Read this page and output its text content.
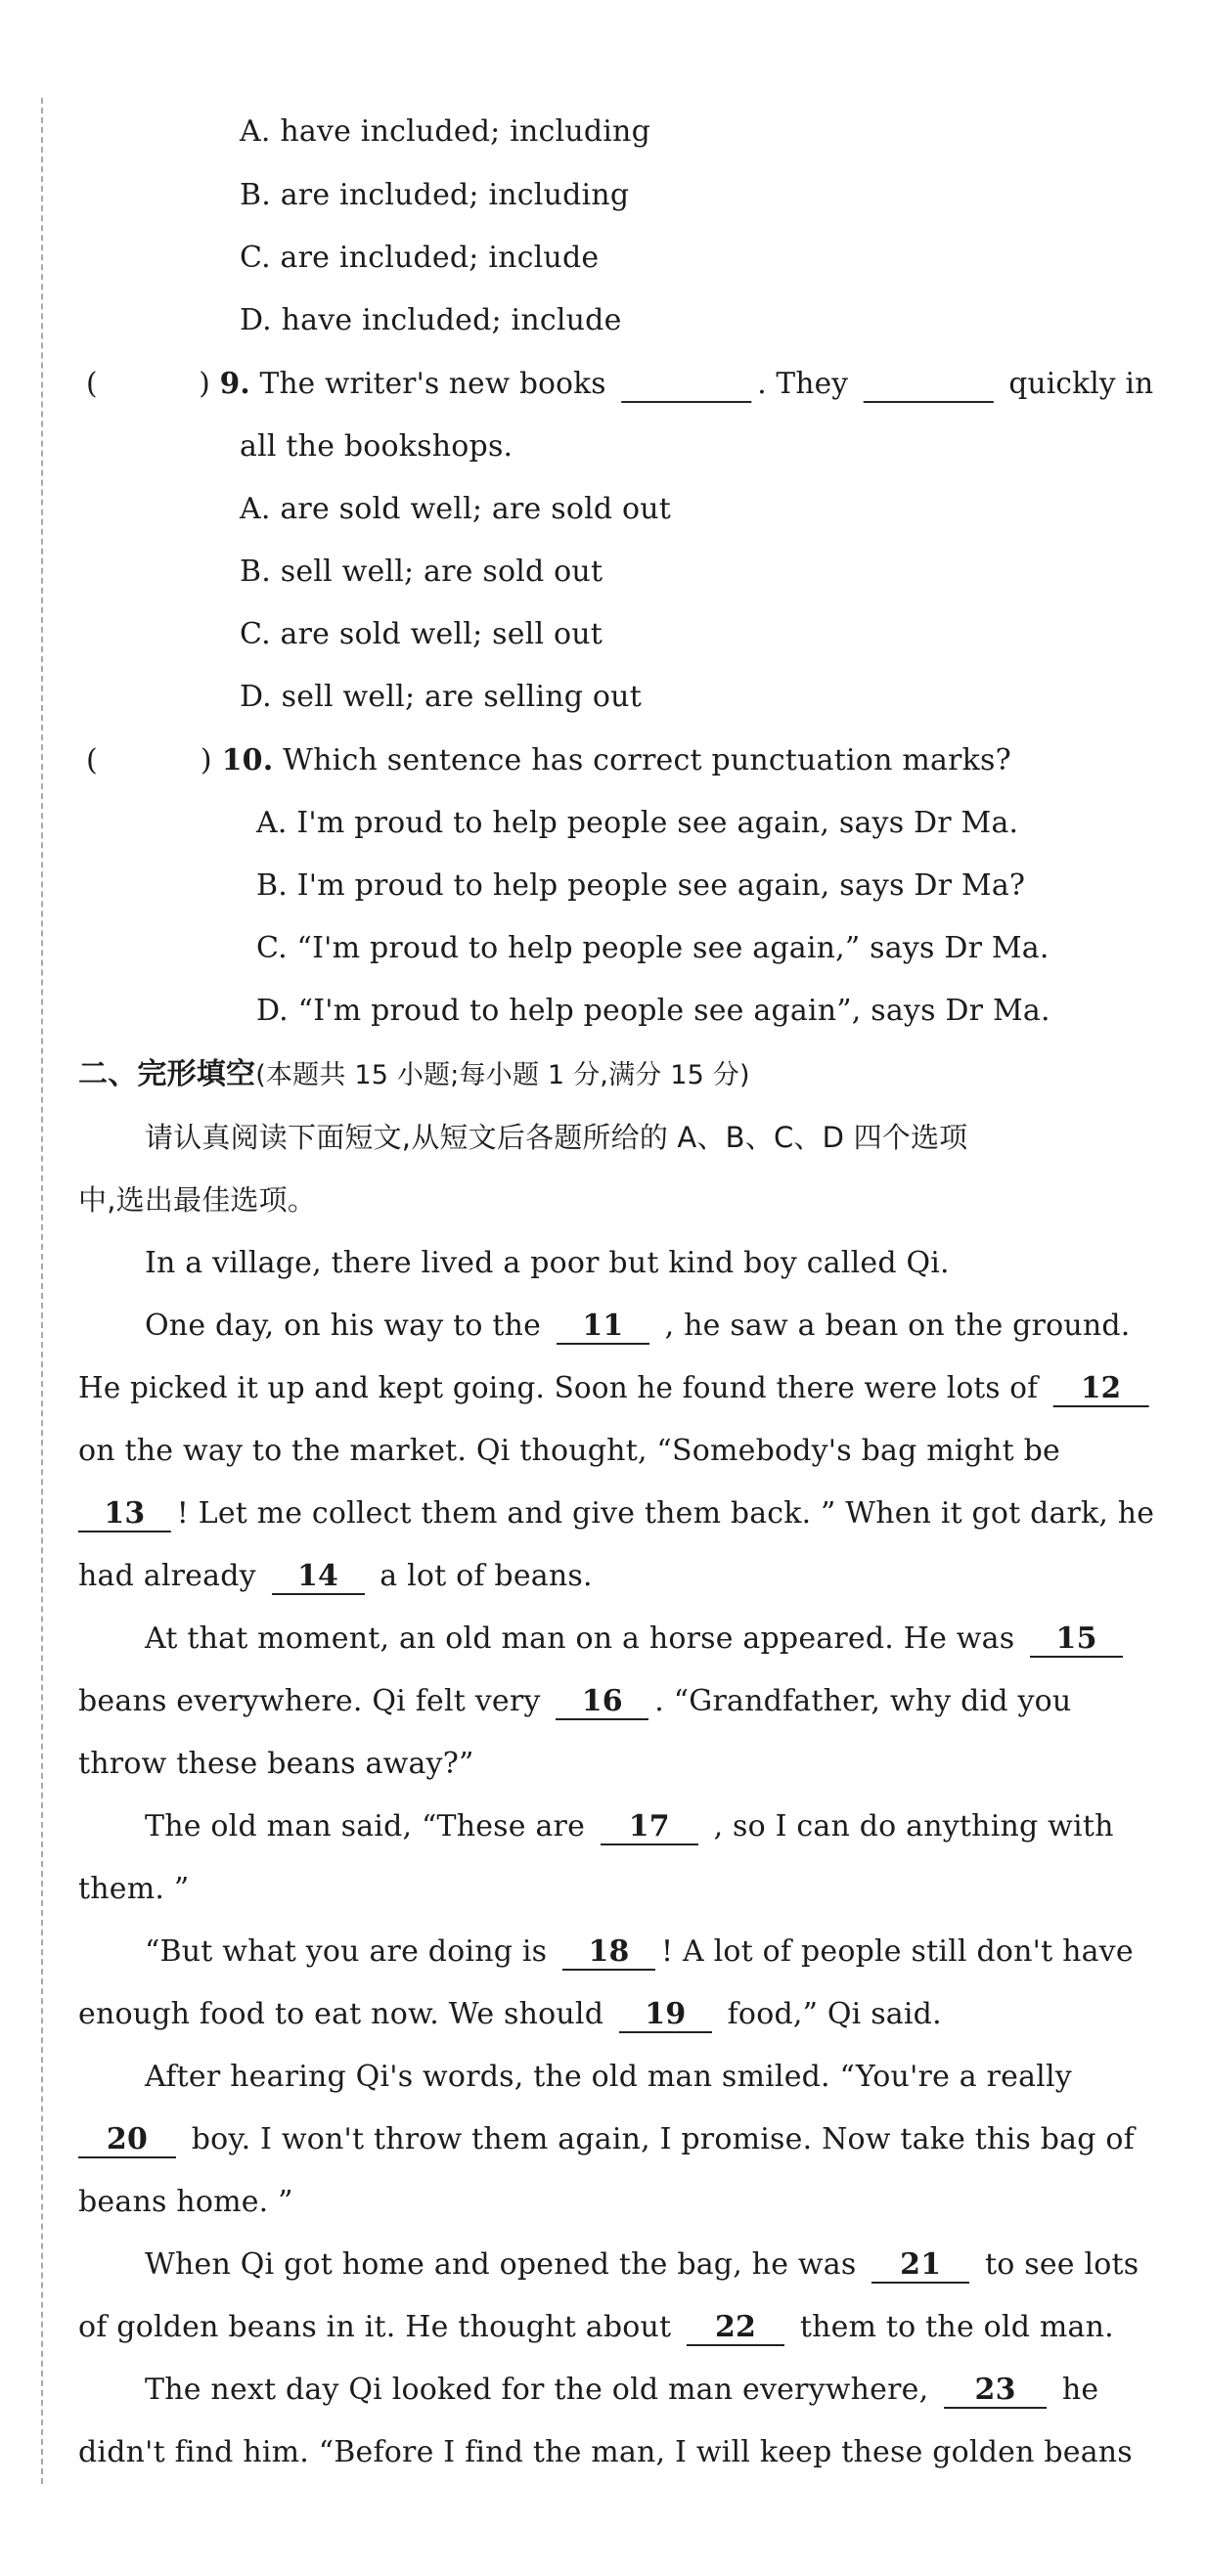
A. have included; including
B. are included; including
C. are included; include
D. have included; include
(	) 9. The writer's new books	. They	quickly in
all the bookshops.
A. are sold well; are sold out
B. sell well; are sold out
C. are sold well; sell out
D. sell well; are selling out
(	) 10. Which sentence has correct punctuation marks?
A. I'm proud to help people see again, says Dr Ma.
B. I'm proud to help people see again, says Dr Ma?
C. “I'm proud to help people see again,” says Dr Ma.
D. “I'm proud to help people see again”, says Dr Ma.
二、完形填空(本题共 15 小题;每小题 1 分,满分 15 分)
请认真阅读下面短文,从短文后各题所给的 A、B、C、D 四个选项
中,选出最佳选项。
In a village, there lived a poor but kind boy called Qi.
One day, on his way to the 11 , he saw a bean on the ground.
He picked it up and kept going. Soon he found there were lots of 12
on the way to the market. Qi thought, “Somebody's bag might be
13 ! Let me collect them and give them back. ” When it got dark, he
had already 14 a lot of beans.
At that moment, an old man on a horse appeared. He was 15
beans everywhere. Qi felt very 16 . “Grandfather, why did you
throw these beans away?”
The old man said, “These are 17 , so I can do anything with
them. ”
“But what you are doing is 18 ! A lot of people still don't have
enough food to eat now. We should 19 food,” Qi said.
After hearing Qi's words, the old man smiled. “You're a really
20 boy. I won't throw them again, I promise. Now take this bag of
beans home. ”
When Qi got home and opened the bag, he was 21 to see lots
of golden beans in it. He thought about 22 them to the old man.
The next day Qi looked for the old man everywhere, 23 he
didn't find him. “Before I find the man, I will keep these golden beans
